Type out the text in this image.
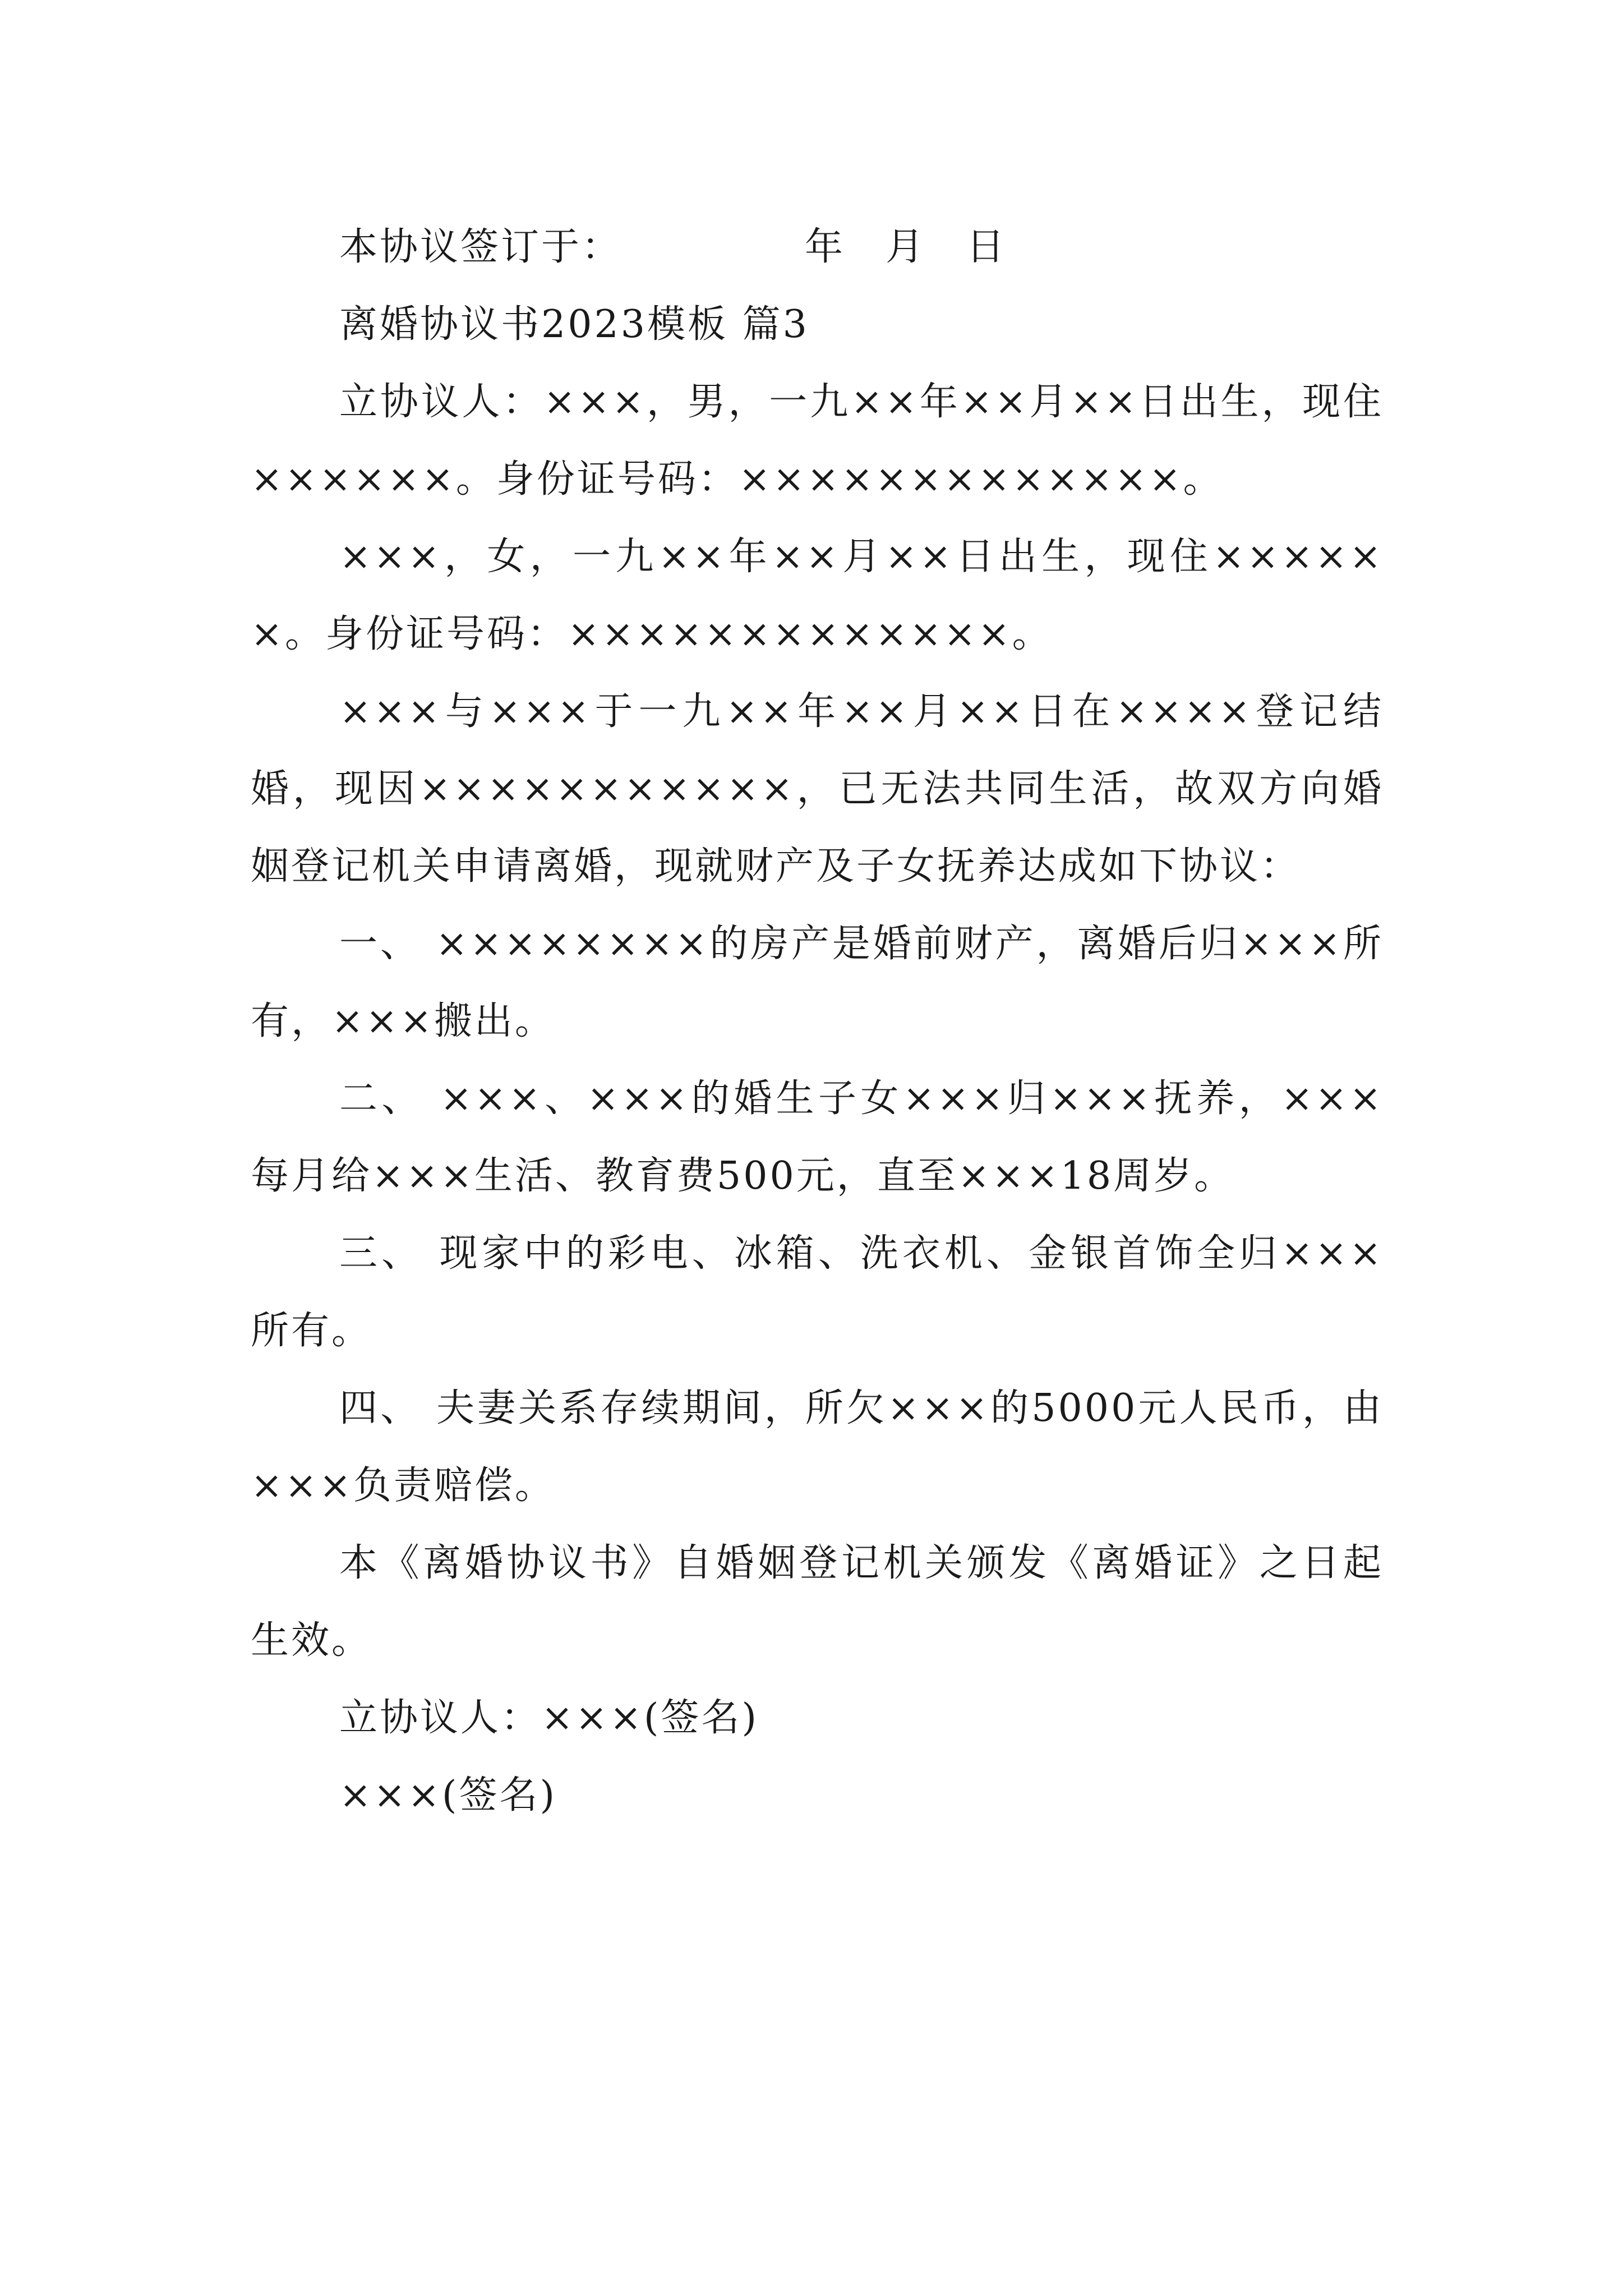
本协议签订于：　　　　　年　月　日

离婚协议书2023模板 篇3

立协议人：×××，男，一九××年××月××日出生，现住××××××。身份证号码：×××××××××××××。

×××，女，一九××年××月××日出生，现住××××××。身份证号码：×××××××××××××。

×××与×××于一九××年××月××日在××××登记结婚，现因×××××××××××，已无法共同生活，故双方向婚姻登记机关申请离婚，现就财产及子女抚养达成如下协议：

一、 ××××××××的房产是婚前财产，离婚后归×××所有，×××搬出。

二、 ×××、×××的婚生子女×××归×××抚养，×××每月给×××生活、教育费500元，直至×××18周岁。

三、 现家中的彩电、冰箱、洗衣机、金银首饰全归×××所有。

四、 夫妻关系存续期间，所欠×××的5000元人民币，由×××负责赔偿。

本《离婚协议书》自婚姻登记机关颁发《离婚证》之日起生效。

立协议人：×××(签名)

×××(签名)
